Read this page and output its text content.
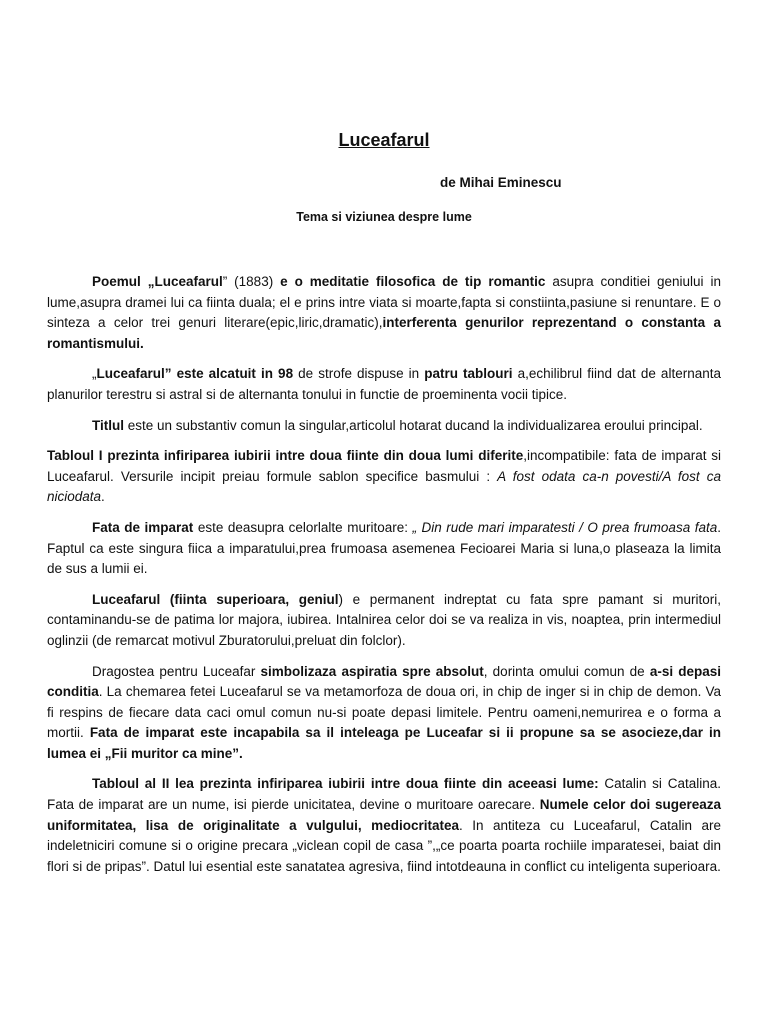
Luceafarul
de Mihai Eminescu
Tema si viziunea despre lume

Poemul „Luceafarul” (1883) e o meditatie filosofica de tip romantic asupra conditiei geniului in lume,asupra dramei lui ca fiinta duala; el e prins intre viata si moarte,fapta si constiinta,pasiune si renuntare. E o sinteza a celor trei genuri literare(epic,liric,dramatic),interferenta genurilor reprezentand o constanta a romantismului.

„Luceafarul” este alcatuit in 98 de strofe dispuse in patru tablouri a,echilibrul fiind dat de alternanta planurilor terestru si astral si de alternanta tonului in functie de proeminenta vocii tipice.

Titlul este un substantiv comun la singular,articolul hotarat ducand la individualizarea eroului principal.

Tabloul I prezinta infiriparea iubirii intre doua fiinte din doua lumi diferite,incompatibile: fata de imparat si Luceafarul. Versurile incipit preiau formule sablon specifice basmului : A fost odata ca-n povesti/A fost ca niciodata.

Fata de imparat este deasupra celorlalte muritoare: „ Din rude mari imparatesti / O prea frumoasa fata. Faptul ca este singura fiica a imparatului,prea frumoasa asemenea Fecioarei Maria si luna,o plaseaza la limita de sus a lumii ei.

Luceafarul (fiinta superioara, geniul) e permanent indreptat cu fata spre pamant si muritori, contaminandu-se de patima lor majora, iubirea. Intalnirea celor doi se va realiza in vis, noaptea, prin intermediul oglinzii (de remarcat motivul Zburatorului,preluat din folclor).

Dragostea pentru Luceafar simbolizaza aspiratia spre absolut, dorinta omului comun de a-si depasi conditia. La chemarea fetei Luceafarul se va metamorfoza de doua ori, in chip de inger si in chip de demon. Va fi respins de fiecare data caci omul comun nu-si poate depasi limitele. Pentru oameni,nemurirea e o forma a mortii. Fata de imparat este incapabila sa il inteleaga pe Luceafar si ii propune sa se asocieze,dar in lumea ei „Fii muritor ca mine”.

Tabloul al II lea prezinta infiriparea iubirii intre doua fiinte din aceeasi lume: Catalin si Catalina. Fata de imparat are un nume, isi pierde unicitatea, devine o muritoare oarecare. Numele celor doi sugereaza uniformitatea, lisa de originalitate a vulgului, mediocritatea. In antiteza cu Luceafarul, Catalin are indeletniciri comune si o origine precara „viclean copil de casa ”,„ce poarta poarta rochiile imparatesei, baiat din flori si de pripas”. Datul lui esential este sanatatea agresiva, fiind intotdeauna in conflict cu inteligenta superioara.
